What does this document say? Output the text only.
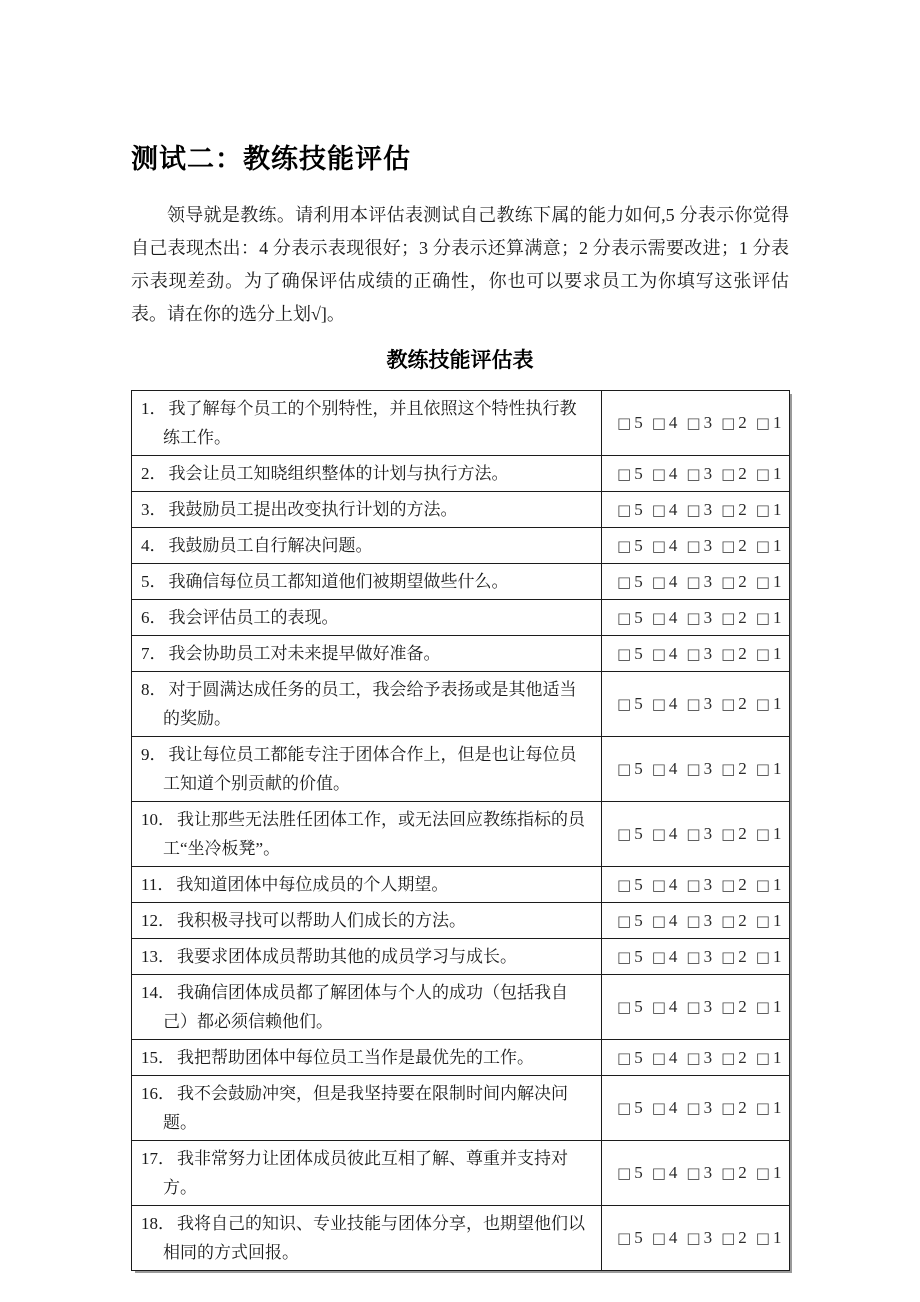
测试二：教练技能评估

领导就是教练。请利用本评估表测试自己教练下属的能力如何,5 分表示你觉得自己表现杰出：4 分表示表现很好；3 分表示还算满意；2 分表示需要改进；1 分表示表现差劲。为了确保评估成绩的正确性，你也可以要求员工为你填写这张评估表。请在你的选分上划√]。

教练技能评估表
1． 我了解每个员工的个别特性，并且依照这个特性执行教练工作。	□ 5 □ 4 □ 3 □ 2 □ 1

2． 我会让员工知晓组织整体的计划与执行方法。	□ 5 □ 4 □ 3 □ 2 □ 1

3． 我鼓励员工提出改变执行计划的方法。	□ 5 □ 4 □ 3 □ 2 □ 1

4． 我鼓励员工自行解决问题。	□ 5 □ 4 □ 3 □ 2 □ 1

5． 我确信每位员工都知道他们被期望做些什么。	□ 5 □ 4 □ 3 □ 2 □ 1

6． 我会评估员工的表现。	□ 5 □ 4 □ 3 □ 2 □ 1

7． 我会协助员工对未来提早做好准备。	□ 5 □ 4 □ 3 □ 2 □ 1

8． 对于圆满达成任务的员工，我会给予表扬或是其他适当的奖励。	□ 5 □ 4 □ 3 □ 2 □ 1

9． 我让每位员工都能专注于团体合作上，但是也让每位员工知道个别贡献的价值。	□ 5 □ 4 □ 3 □ 2 □ 1

10． 我让那些无法胜任团体工作，或无法回应教练指标的员工“坐冷板凳”。	□ 5 □ 4 □ 3 □ 2 □ 1

11． 我知道团体中每位成员的个人期望。	□ 5 □ 4 □ 3 □ 2 □ 1

12． 我积极寻找可以帮助人们成长的方法。	□ 5 □ 4 □ 3 □ 2 □ 1

13． 我要求团体成员帮助其他的成员学习与成长。	□ 5 □ 4 □ 3 □ 2 □ 1

14． 我确信团体成员都了解团体与个人的成功（包括我自己）都必须信赖他们。	□ 5 □ 4 □ 3 □ 2 □ 1

15． 我把帮助团体中每位员工当作是最优先的工作。	□ 5 □ 4 □ 3 □ 2 □ 1

16． 我不会鼓励冲突，但是我坚持要在限制时间内解决问题。	□ 5 □ 4 □ 3 □ 2 □ 1

17． 我非常努力让团体成员彼此互相了解、尊重并支持对方。	□ 5 □ 4 □ 3 □ 2 □ 1

18． 我将自己的知识、专业技能与团体分享，也期望他们以相同的方式回报。	□ 5 □ 4 □ 3 □ 2 □ 1
